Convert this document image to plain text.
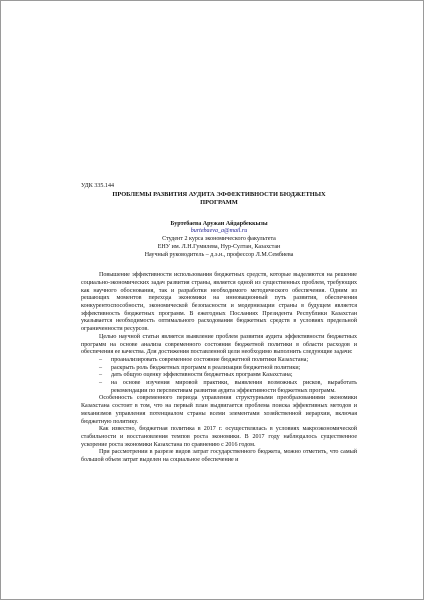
УДК 335.144

ПРОБЛЕМЫ РАЗВИТИЯ АУДИТА ЭФФЕКТИВНОСТИ БЮДЖЕТНЫХ
ПРОГРАММ
Буртебаева Аружан Айдарбеккызы
burtebaeva_a@mail.ru
Студент 2 курса экономического факультета
ЕНУ им. Л.Н.Гумилева, Нур-Султан, Казахстан
Научный руководитель – д.э.н., профессор Л.М.Сембиева

Повышение эффективности использования бюджетных средств, которые выделяются на решение социально-экономических задач развития страны, является одной из существенных проблем, требующих как научного обоснования, так и разработки необходимого методического обеспечения. Одним из решающих моментов перехода экономики на инновационный путь развития, обеспечения конкурентоспособности, экономической безопасности и модернизации страны в будущем является эффективность бюджетных программ. В ежегодных Посланиях Президента Республики Казахстан указывается необходимость оптимального расходования бюджетных средств в условиях предельной ограниченности ресурсов.

Целью научной статьи является выявление проблем развития аудита эффективности бюджетных программ на основе анализа современного состояния бюджетной политики в области расходов и обеспечения ее качества. Для достижения поставленной цели необходимо выполнить следующие задачи:

– проанализировать современное состояние бюджетной политики Казахстана;
– раскрыть роль бюджетных программ в реализации бюджетной политики;
– дать общую оценку эффективности бюджетных программ Казахстана;
– на основе изучения мировой практики, выявления возможных рисков, выработать рекомендации по перспективам развития аудита эффективности бюджетных программ.

Особенность современного периода управления структурными преобразованиями экономики Казахстана состоит в том, что на первый план выдвигается проблема поиска эффективных методов и механизмов управления потенциалом страны всеми элементами хозяйственной иерархии, включая бюджетную политику.

Как известно, бюджетная политика в 2017 г. осуществлялась в условиях макроэкономической стабильности и восстановления темпов роста экономики. В 2017 году наблюдалось существенное ускорение роста экономики Казахстана по сравнению с 2016 годом.

При рассмотрении в разрезе видов затрат государственного бюджета, можно отметить, что самый большой объем затрат выделен на социальное обеспечение и
